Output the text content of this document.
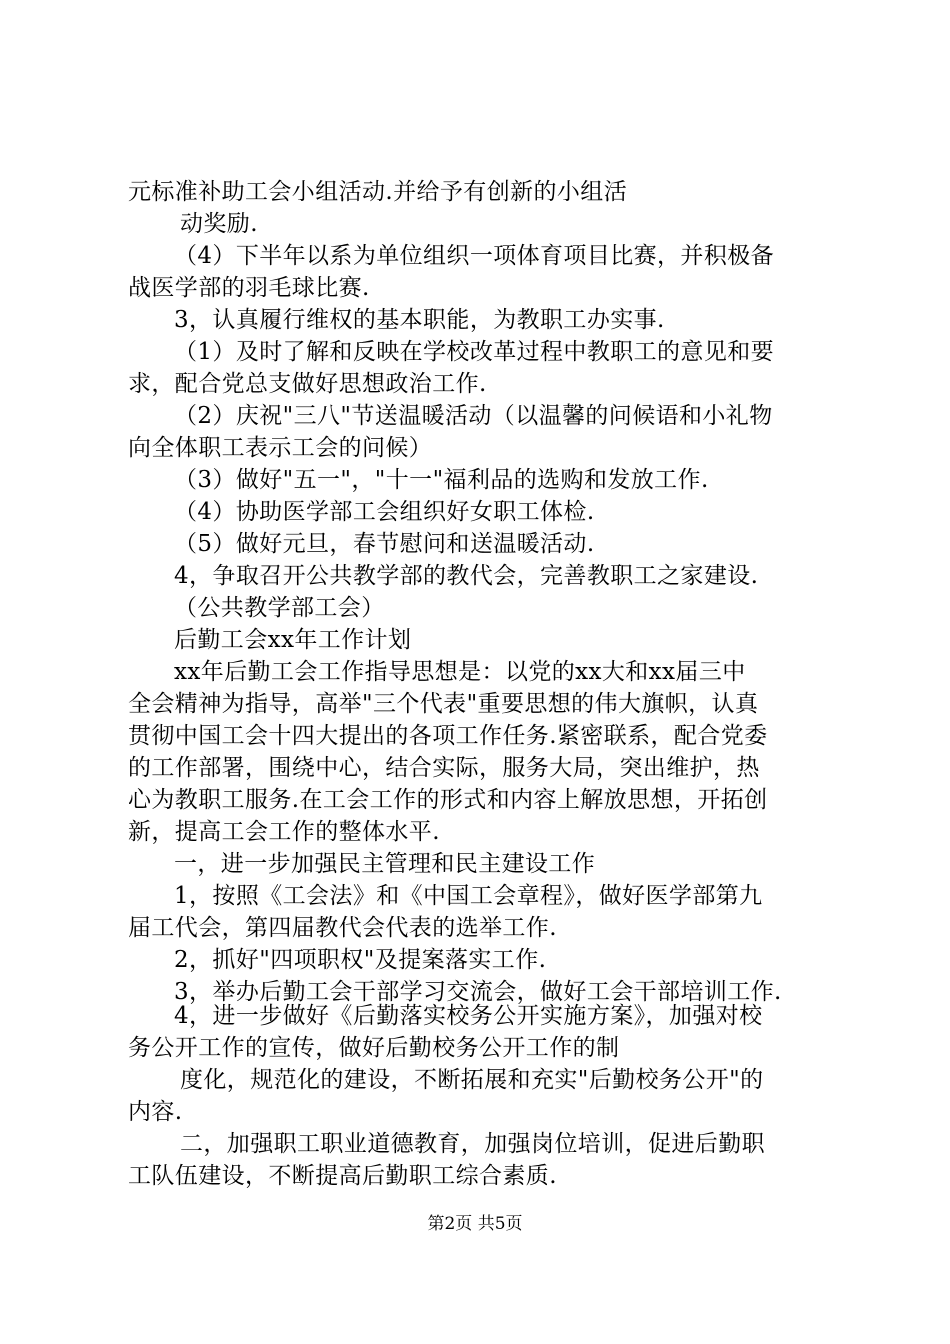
元标准补助工会小组活动.并给予有创新的小组活
动奖励.
（4）下半年以系为单位组织一项体育项目比赛，并积极备
战医学部的羽毛球比赛.
3，认真履行维权的基本职能，为教职工办实事.
（1）及时了解和反映在学校改革过程中教职工的意见和要
求，配合党总支做好思想政治工作.
（2）庆祝"三八"节送温暖活动（以温馨的问候语和小礼物
向全体职工表示工会的问候）
（3）做好"五一"，"十一"福利品的选购和发放工作.
（4）协助医学部工会组织好女职工体检.
（5）做好元旦，春节慰问和送温暖活动.
4，争取召开公共教学部的教代会，完善教职工之家建设.
（公共教学部工会）
后勤工会xx年工作计划
xx年后勤工会工作指导思想是：以党的xx大和xx届三中
全会精神为指导，高举"三个代表"重要思想的伟大旗帜，认真
贯彻中国工会十四大提出的各项工作任务.紧密联系，配合党委
的工作部署，围绕中心，结合实际，服务大局，突出维护，热
心为教职工服务.在工会工作的形式和内容上解放思想，开拓创
新，提高工会工作的整体水平.
一，进一步加强民主管理和民主建设工作
1，按照《工会法》和《中国工会章程》，做好医学部第九
届工代会，第四届教代会代表的选举工作.
2，抓好"四项职权"及提案落实工作.
3，举办后勤工会干部学习交流会，做好工会干部培训工作.
4，进一步做好《后勤落实校务公开实施方案》，加强对校
务公开工作的宣传，做好后勤校务公开工作的制
度化，规范化的建设，不断拓展和充实"后勤校务公开"的
内容.
二，加强职工职业道德教育，加强岗位培训，促进后勤职
工队伍建设，不断提高后勤职工综合素质.
第2页 共5页
